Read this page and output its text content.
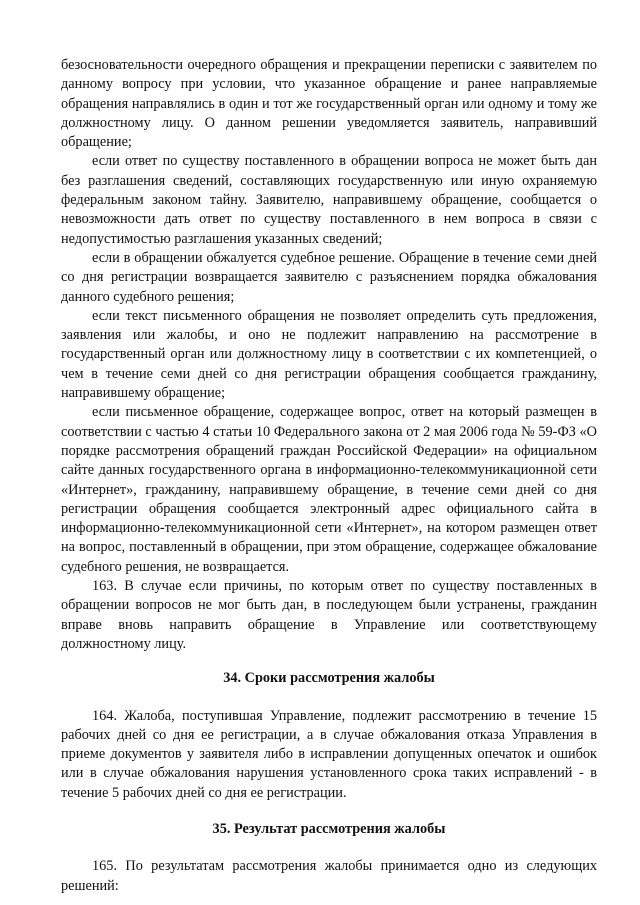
безосновательности очередного обращения и прекращении переписки с заявителем по данному вопросу при условии, что указанное обращение и ранее направляемые обращения направлялись в один и тот же государственный орган или одному и тому же должностному лицу. О данном решении уведомляется заявитель, направивший обращение;

если ответ по существу поставленного в обращении вопроса не может быть дан без разглашения сведений, составляющих государственную или иную охраняемую федеральным законом тайну. Заявителю, направившему обращение, сообщается о невозможности дать ответ по существу поставленного в нем вопроса в связи с недопустимостью разглашения указанных сведений;

если в обращении обжалуется судебное решение. Обращение в течение семи дней со дня регистрации возвращается заявителю с разъяснением порядка обжалования данного судебного решения;

если текст письменного обращения не позволяет определить суть предложения, заявления или жалобы, и оно не подлежит направлению на рассмотрение в государственный орган или должностному лицу в соответствии с их компетенцией, о чем в течение семи дней со дня регистрации обращения сообщается гражданину, направившему обращение;

если письменное обращение, содержащее вопрос, ответ на который размещен в соответствии с частью 4 статьи 10 Федерального закона от 2 мая 2006 года № 59-ФЗ «О порядке рассмотрения обращений граждан Российской Федерации» на официальном сайте данных государственного органа в информационно-телекоммуникационной сети «Интернет», гражданину, направившему обращение, в течение семи дней со дня регистрации обращения сообщается электронный адрес официального сайта в информационно-телекоммуникационной сети «Интернет», на котором размещен ответ на вопрос, поставленный в обращении, при этом обращение, содержащее обжалование судебного решения, не возвращается.

163. В случае если причины, по которым ответ по существу поставленных в обращении вопросов не мог быть дан, в последующем были устранены, гражданин вправе вновь направить обращение в Управление или соответствующему должностному лицу.

34. Сроки рассмотрения жалобы

164. Жалоба, поступившая Управление, подлежит рассмотрению в течение 15 рабочих дней со дня ее регистрации, а в случае обжалования отказа Управления в приеме документов у заявителя либо в исправлении допущенных опечаток и ошибок или в случае обжалования нарушения установленного срока таких исправлений - в течение 5 рабочих дней со дня ее регистрации.

35. Результат рассмотрения жалобы

165. По результатам рассмотрения жалобы принимается одно из следующих решений:
